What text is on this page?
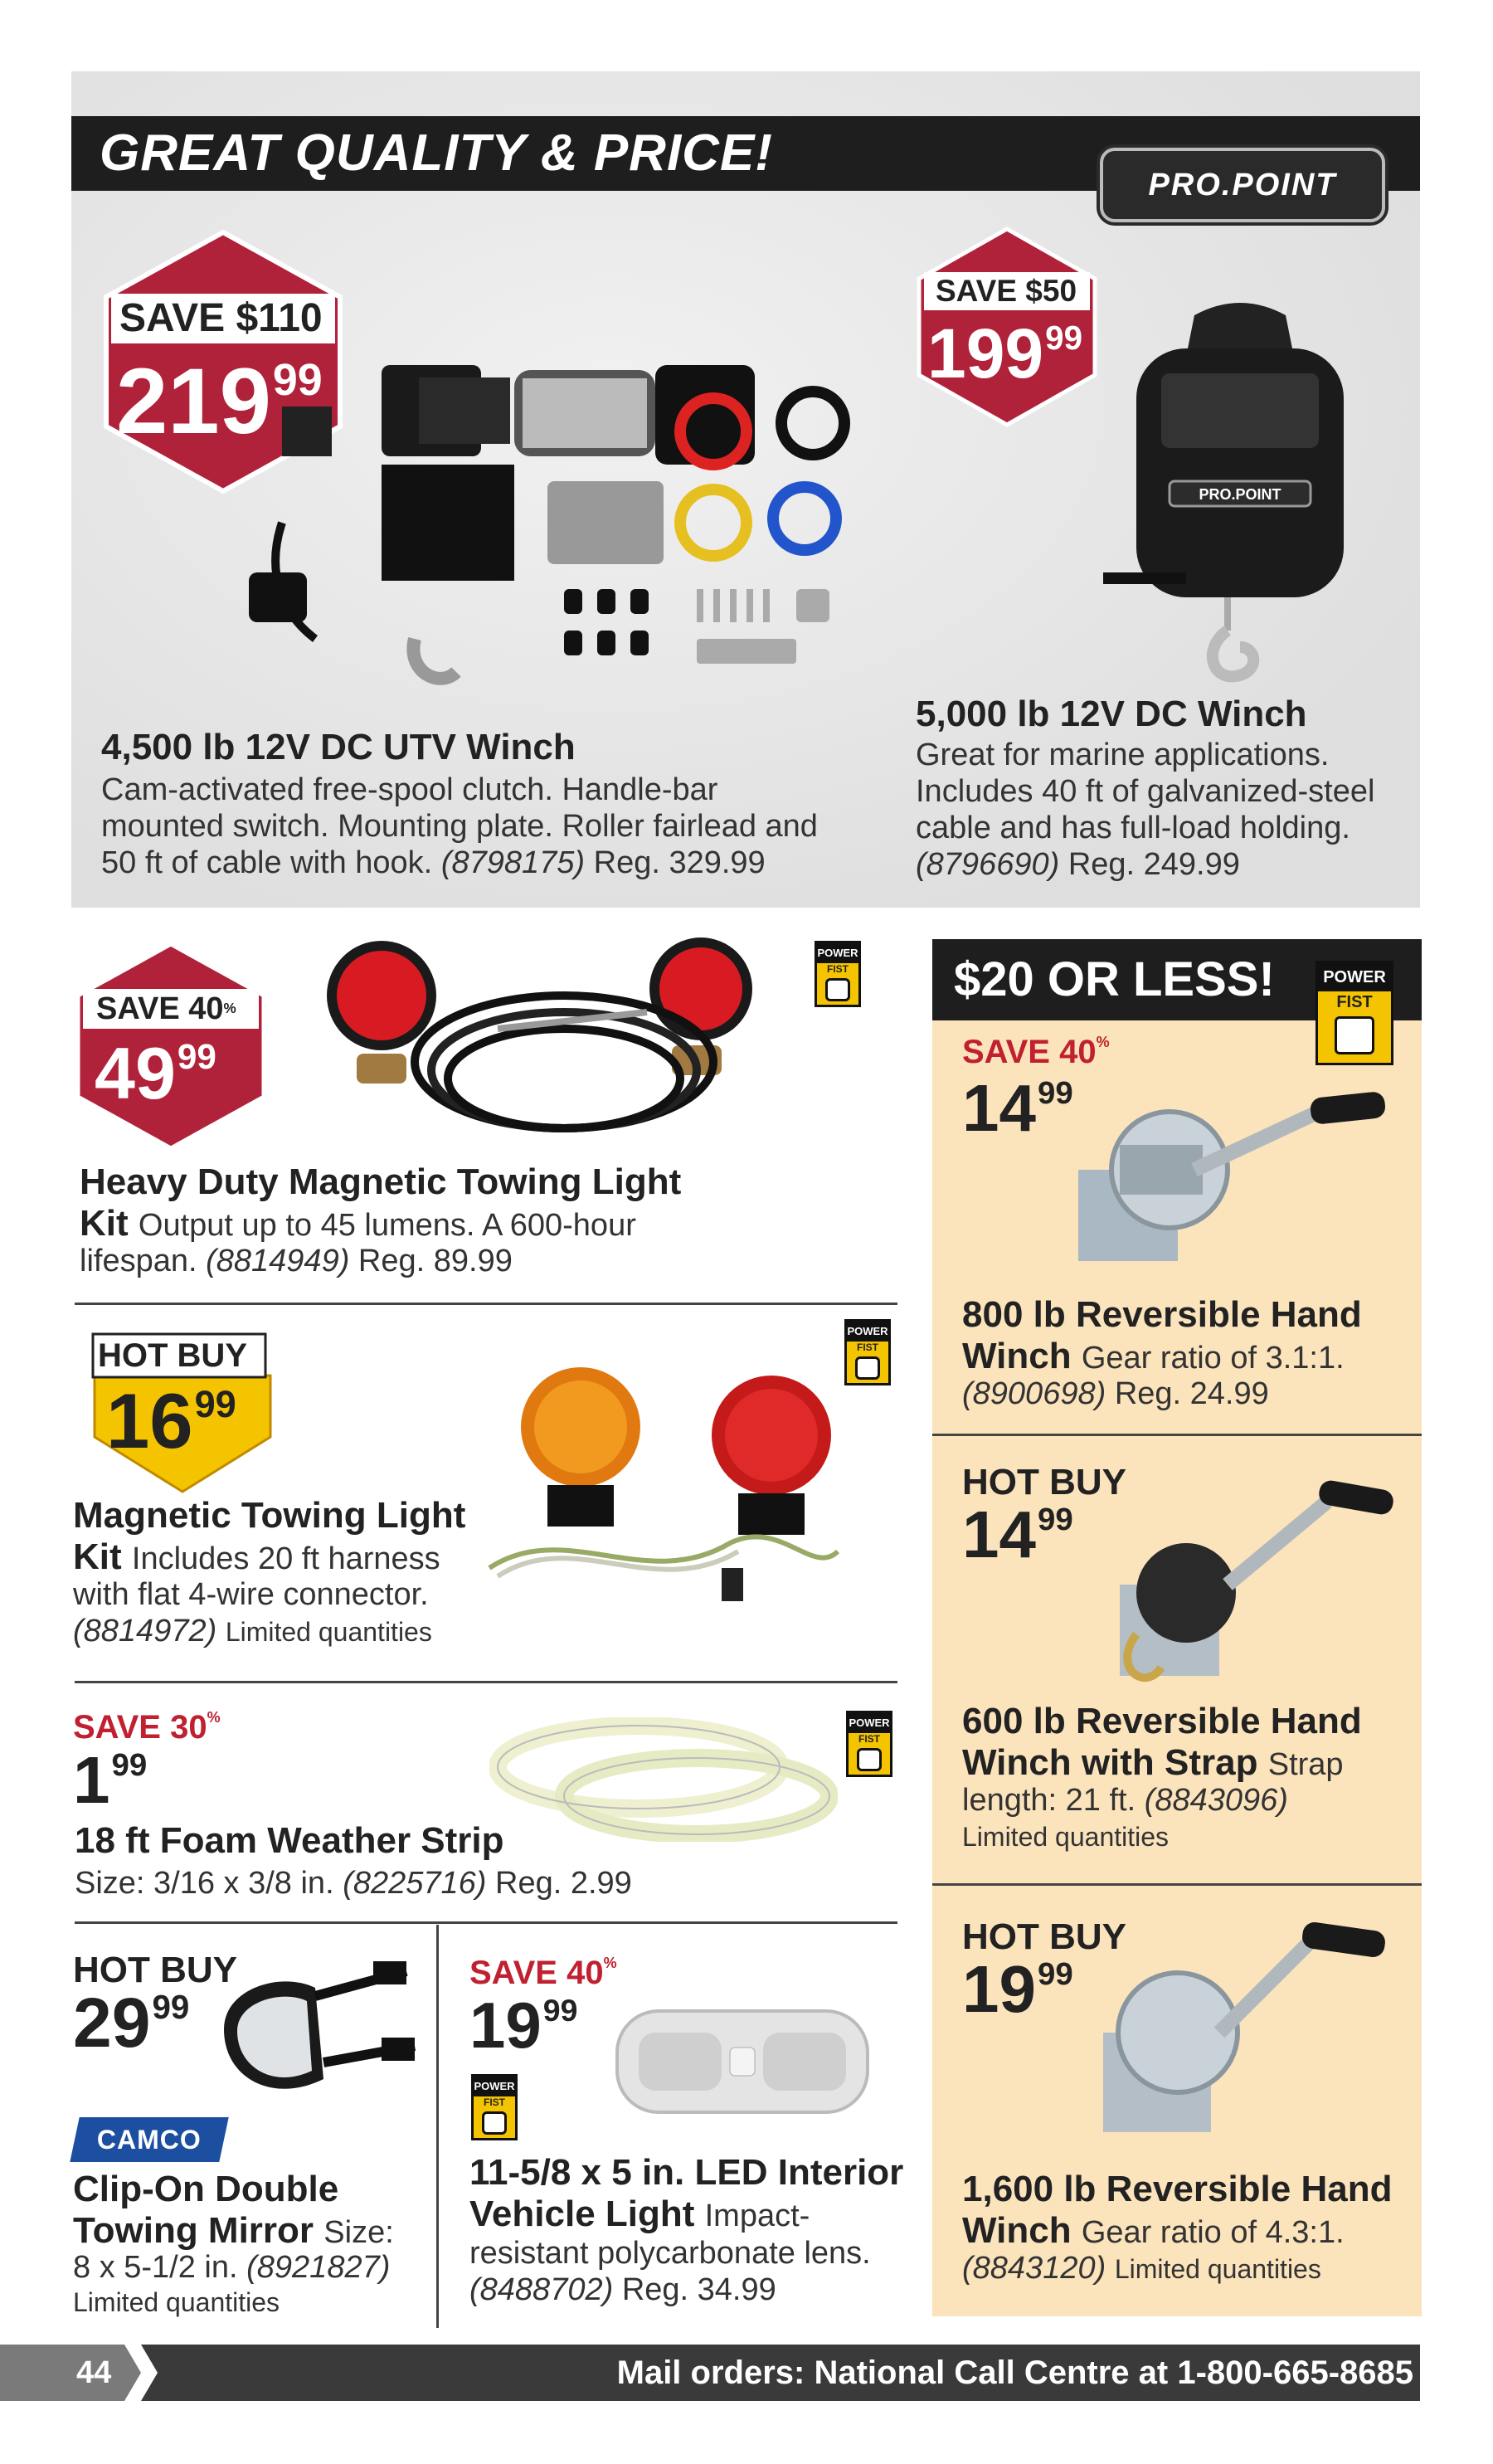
GREAT QUALITY & PRICE!
PRO.POINT
SAVE $110
$219^{99}$
4,500 lb 12V DC UTV Winch
Cam-activated free-spool clutch. Handle-bar
mounted switch. Mounting plate. Roller fairlead and
50 ft of cable with hook. (8798175) Reg. 329.99
SAVE $50
$199^{99}$
PRO.POINT
5,000 lb 12V DC Winch
Great for marine applications.
Includes 40 ft of galvanized-steel
cable and has full-load holding.
(8796690) Reg. 249.99
SAVE 40%
$49^{99}$
POWER
FIST
Heavy Duty Magnetic Towing Light
Kit Output up to 45 lumens. A 600-hour
lifespan. (8814949) Reg. 89.99
HOT BUY
$16^{99}$
POWER
FIST
Magnetic Towing Light
Kit Includes 20 ft harness
with flat 4-wire connector.
(8814972) Limited quantities
SAVE 30%
$1^{99}$
POWER
FIST
18 ft Foam Weather Strip
Size: 3/16 x 3/8 in. (8225716) Reg. 2.99
HOT BUY
$29^{99}$
CAMCO
Clip-On Double
Towing Mirror Size:
8 x 5-1/2 in. (8921827)
Limited quantities
SAVE 40%
$19^{99}$
POWER
FIST
11-5/8 x 5 in. LED Interior
Vehicle Light Impact-
resistant polycarbonate lens.
(8488702) Reg. 34.99
$20 OR LESS!	POWER
FIST
SAVE 40%
$14^{99}$
800 lb Reversible Hand
Winch Gear ratio of 3.1:1.
(8900698) Reg. 24.99
HOT BUY
$14^{99}$
600 lb Reversible Hand
Winch with Strap Strap
length: 21 ft. (8843096)
Limited quantities
HOT BUY
$19^{99}$
1,600 lb Reversible Hand
Winch Gear ratio of 4.3:1.
(8843120) Limited quantities
44	Mail orders: National Call Centre at 1-800-665-8685
